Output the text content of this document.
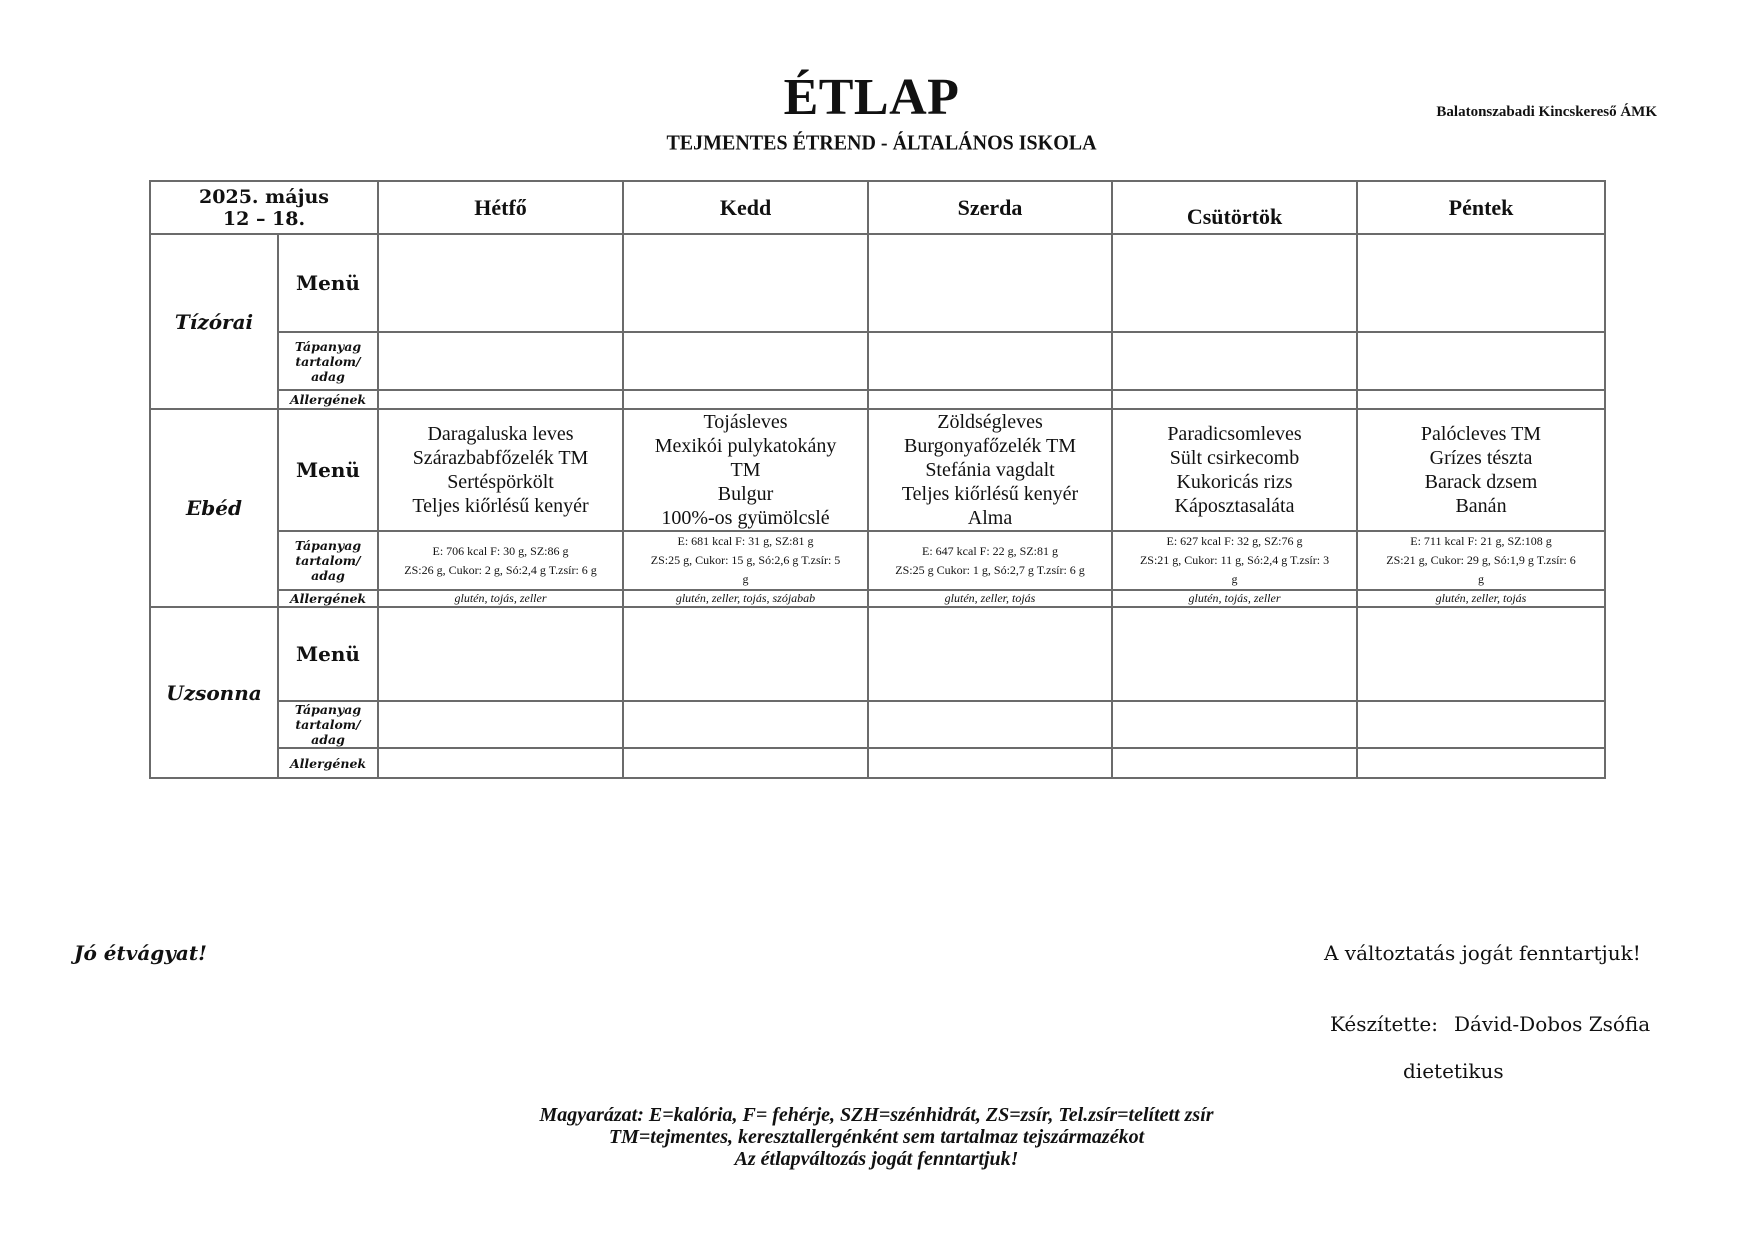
ÉTLAP
TEJMENTES ÉTREND - ÁLTALÁNOS ISKOLA
Balatonszabadi Kincskereső ÁMK
2025. május
12 – 18.		Hétfő	Kedd	Szerda	Csütörtök	Péntek
Tízórai	Menü					
	Tápanyag
tartalom/
adag					
	Allergének					
Ebéd	Menü	Daragaluska leves
Szárazbabfőzelék TM
Sertéspörkölt
Teljes kiőrlésű kenyér	Tojásleves
Mexikói pulykatokány
TM
Bulgur
100%-os gyümölcslé	Zöldségleves
Burgonyafőzelék TM
Stefánia vagdalt
Teljes kiőrlésű kenyér
Alma	Paradicsomleves
Sült csirkecomb
Kukoricás rizs
Káposztasaláta	Palócleves TM
Grízes tészta
Barack dzsem
Banán

	Tápanyag
tartalom/
adag	E: 706 kcal F: 30 g, SZ:86 g
ZS:26 g, Cukor: 2 g, Só:2,4 g T.zsír: 6 g	E: 681 kcal F: 31 g, SZ:81 g
ZS:25 g, Cukor: 15 g, Só:2,6 g T.zsír: 5
g	E: 647 kcal F: 22 g, SZ:81 g
ZS:25 g Cukor: 1 g, Só:2,7 g T.zsír: 6 g	E: 627 kcal F: 32 g, SZ:76 g
ZS:21 g, Cukor: 11 g, Só:2,4 g T.zsír: 3
g	E: 711 kcal F: 21 g, SZ:108 g
ZS:21 g, Cukor: 29 g, Só:1,9 g T.zsír: 6
g

	Allergének	glutén, tojás, zeller	glutén, zeller, tojás, szójabab	glutén, zeller, tojás	glutén, tojás, zeller	glutén, zeller, tojás
Uzsonna	Menü					
	Tápanyag
tartalom/
adag					
	Allergének					
Jó étvágyat!	A változtatás jogát fenntartjuk!
Készítette: Dávid-Dobos Zsófia
dietetikus
Magyarázat: E=kalória, F= fehérje, SZH=szénhidrát, ZS=zsír, Tel.zsír=telített zsír
TM=tejmentes, keresztallergénként sem tartalmaz tejszármazékot
Az étlapváltozás jogát fenntartjuk!
